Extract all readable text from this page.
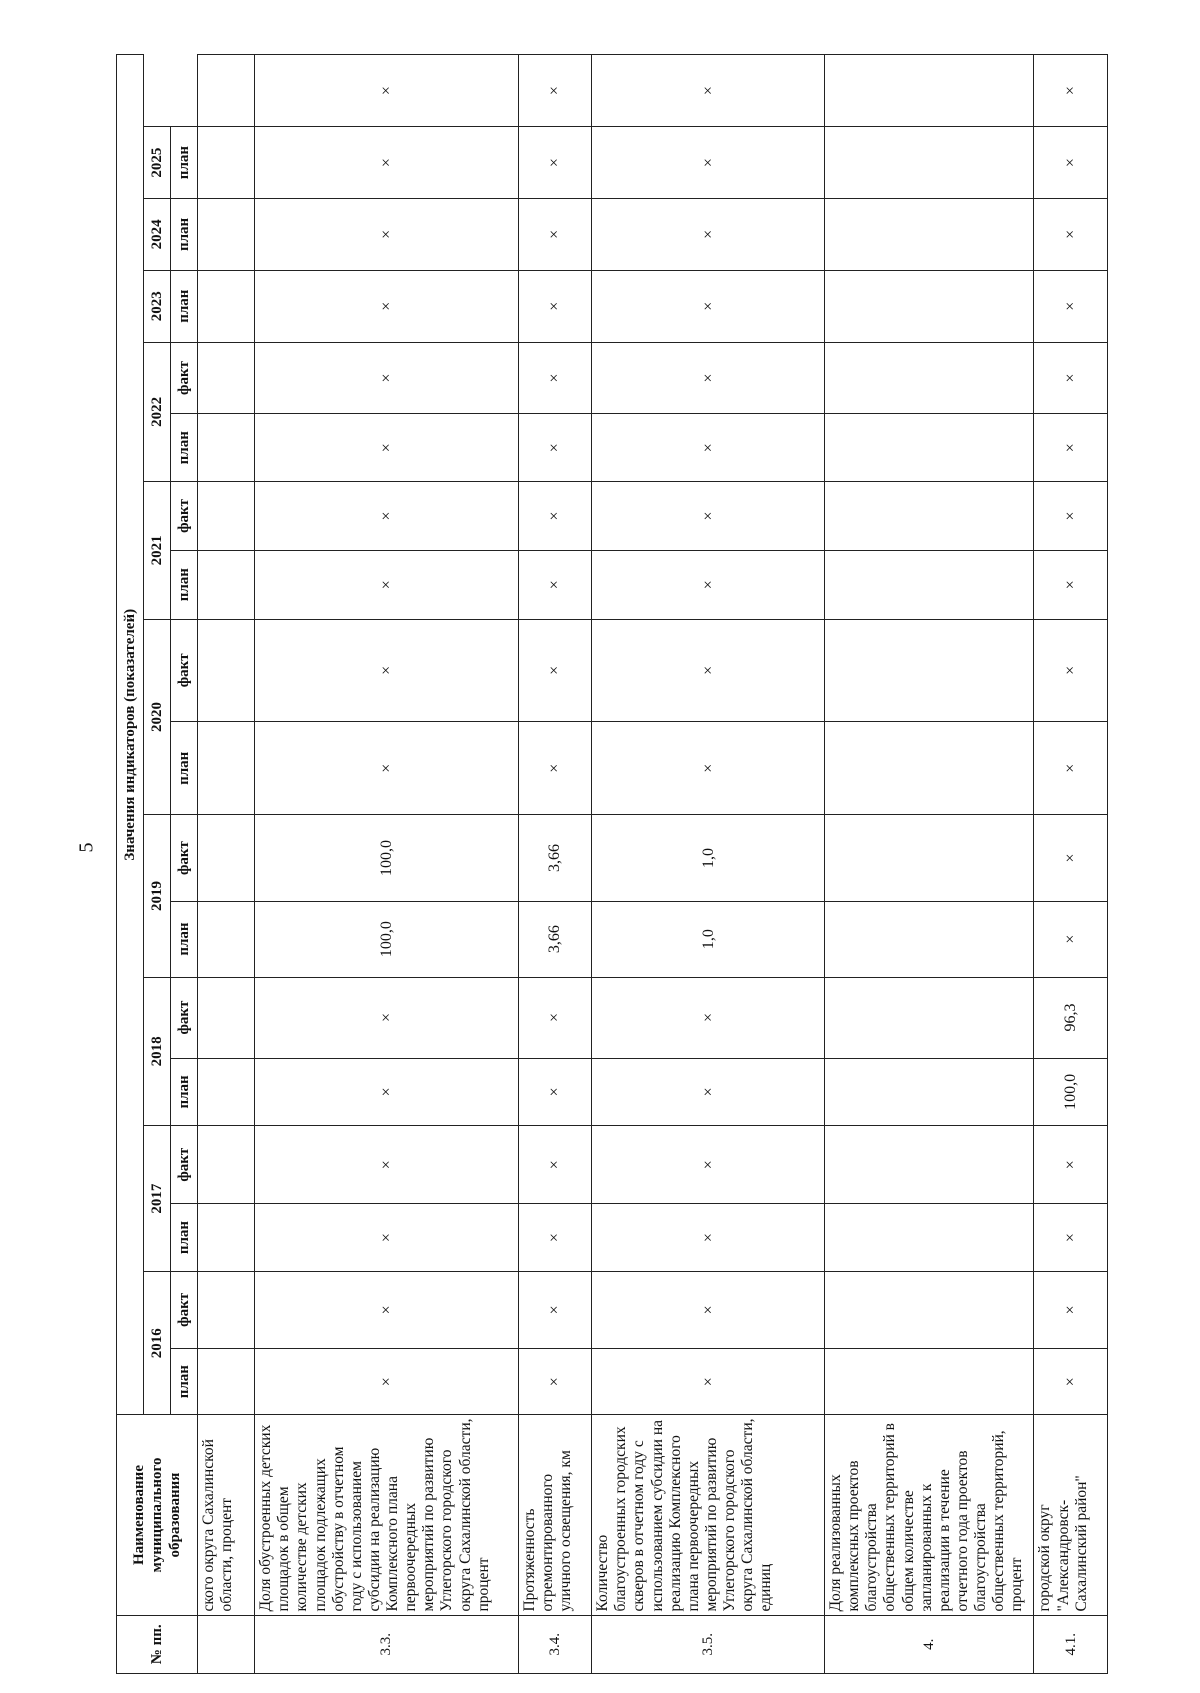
5
№ пп.	Наименование муниципального образования	Значения индикаторов (показателей)																	
		2016		2017		2018		2019		2020		2021		2022		2023	2024	2025	
		план	факт	план	факт	план	факт	план	факт	план	факт	план	факт	план	факт	план	план	план	
	ского округа Сахалинской области, процент																		
3.3.	Доля обустроенных детских площадок в общем количестве детских площадок подлежащих обустройству в отчетном году с использованием субсидии на реализацию Комплексного плана первоочередных мероприятий по развитию Углегорского городского округа Сахалинской области, процент	×	×	×	×	×	×	100,0	100,0	×	×	×	×	×	×	×	×	×	×
3.4.	Протяженность отремонтированного уличного освещения, км	×	×	×	×	×	×	3,66	3,66	×	×	×	×	×	×	×	×	×	×
3.5.	Количество благоустроенных городских скверов в отчетном году с использованием субсидии на реализацию Комплексного плана первоочередных мероприятий по развитию Углегорского городского округа Сахалинской области, единиц	×	×	×	×	×	×	1,0	1,0	×	×	×	×	×	×	×	×	×	×
4.	Доля реализованных комплексных проектов благоустройства общественных территорий в общем количестве запланированных к реализации в течение отчетного года проектов благоустройства общественных территорий, процент																		
4.1.	городской округ "Александровск-Сахалинский район"	×	×	×	×	100,0	96,3	×	×	×	×	×	×	×	×	×	×	×	×
